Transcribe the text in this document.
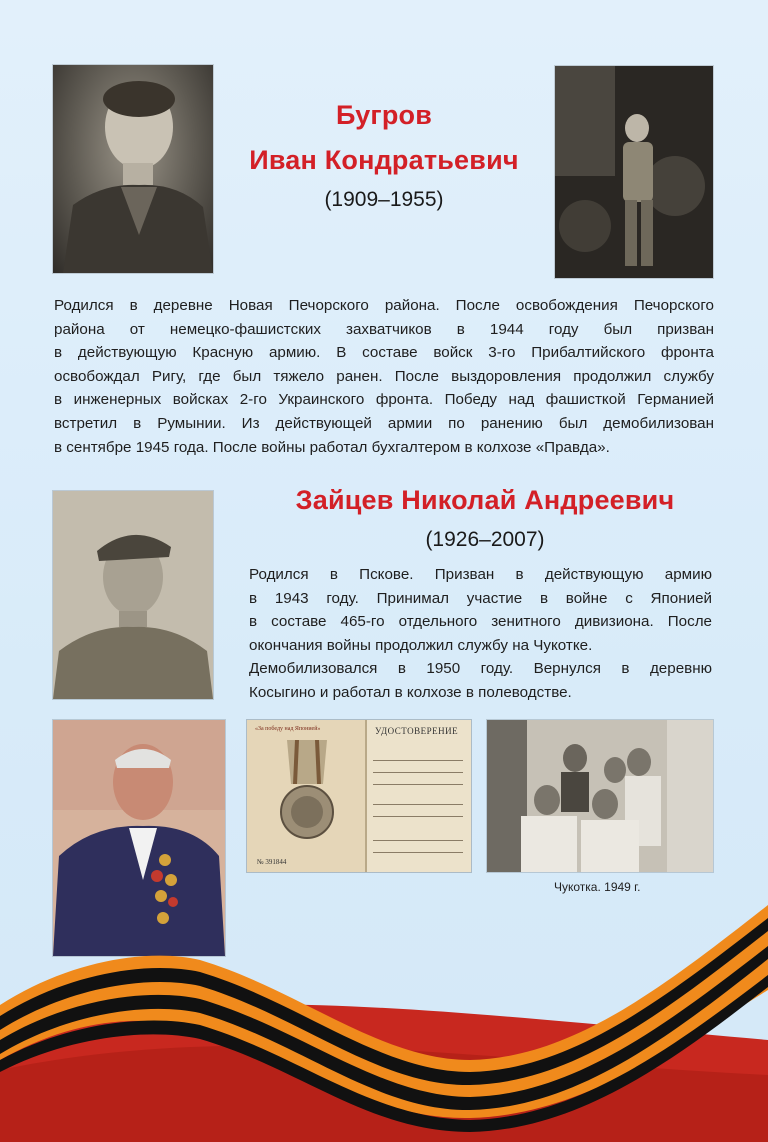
Бугров
Иван Кондратьевич
(1909–1955)
Родился в деревне Новая Печорского района. После освобождения Печорского
района от немецко-фашистских захватчиков в 1944 году был призван
в действующую Красную армию. В составе войск 3-го Прибалтийского фронта
освобождал Ригу, где был тяжело ранен. После выздоровления продолжил службу
в инженерных войсках 2-го Украинского фронта. Победу над фашисткой Германией
встретил в Румынии. Из действующей армии по ранению был демобилизован
в сентябре 1945 года. После войны работал бухгалтером в колхозе «Правда».
Зайцев Николай Андреевич
(1926–2007)
Родился в Пскове. Призван в действующую армию
в 1943 году. Принимал участие в войне с Японией
в составе 465-го отдельного зенитного дивизиона. После
окончания войны продолжил службу на Чукотке.
Демобилизовался в 1950 году. Вернулся в деревню
Косыгино и работал в колхозе в полеводстве.
«За победу над Японией»
№ 391844
УДОСТОВЕРЕНИЕ
Чукотка. 1949 г.
